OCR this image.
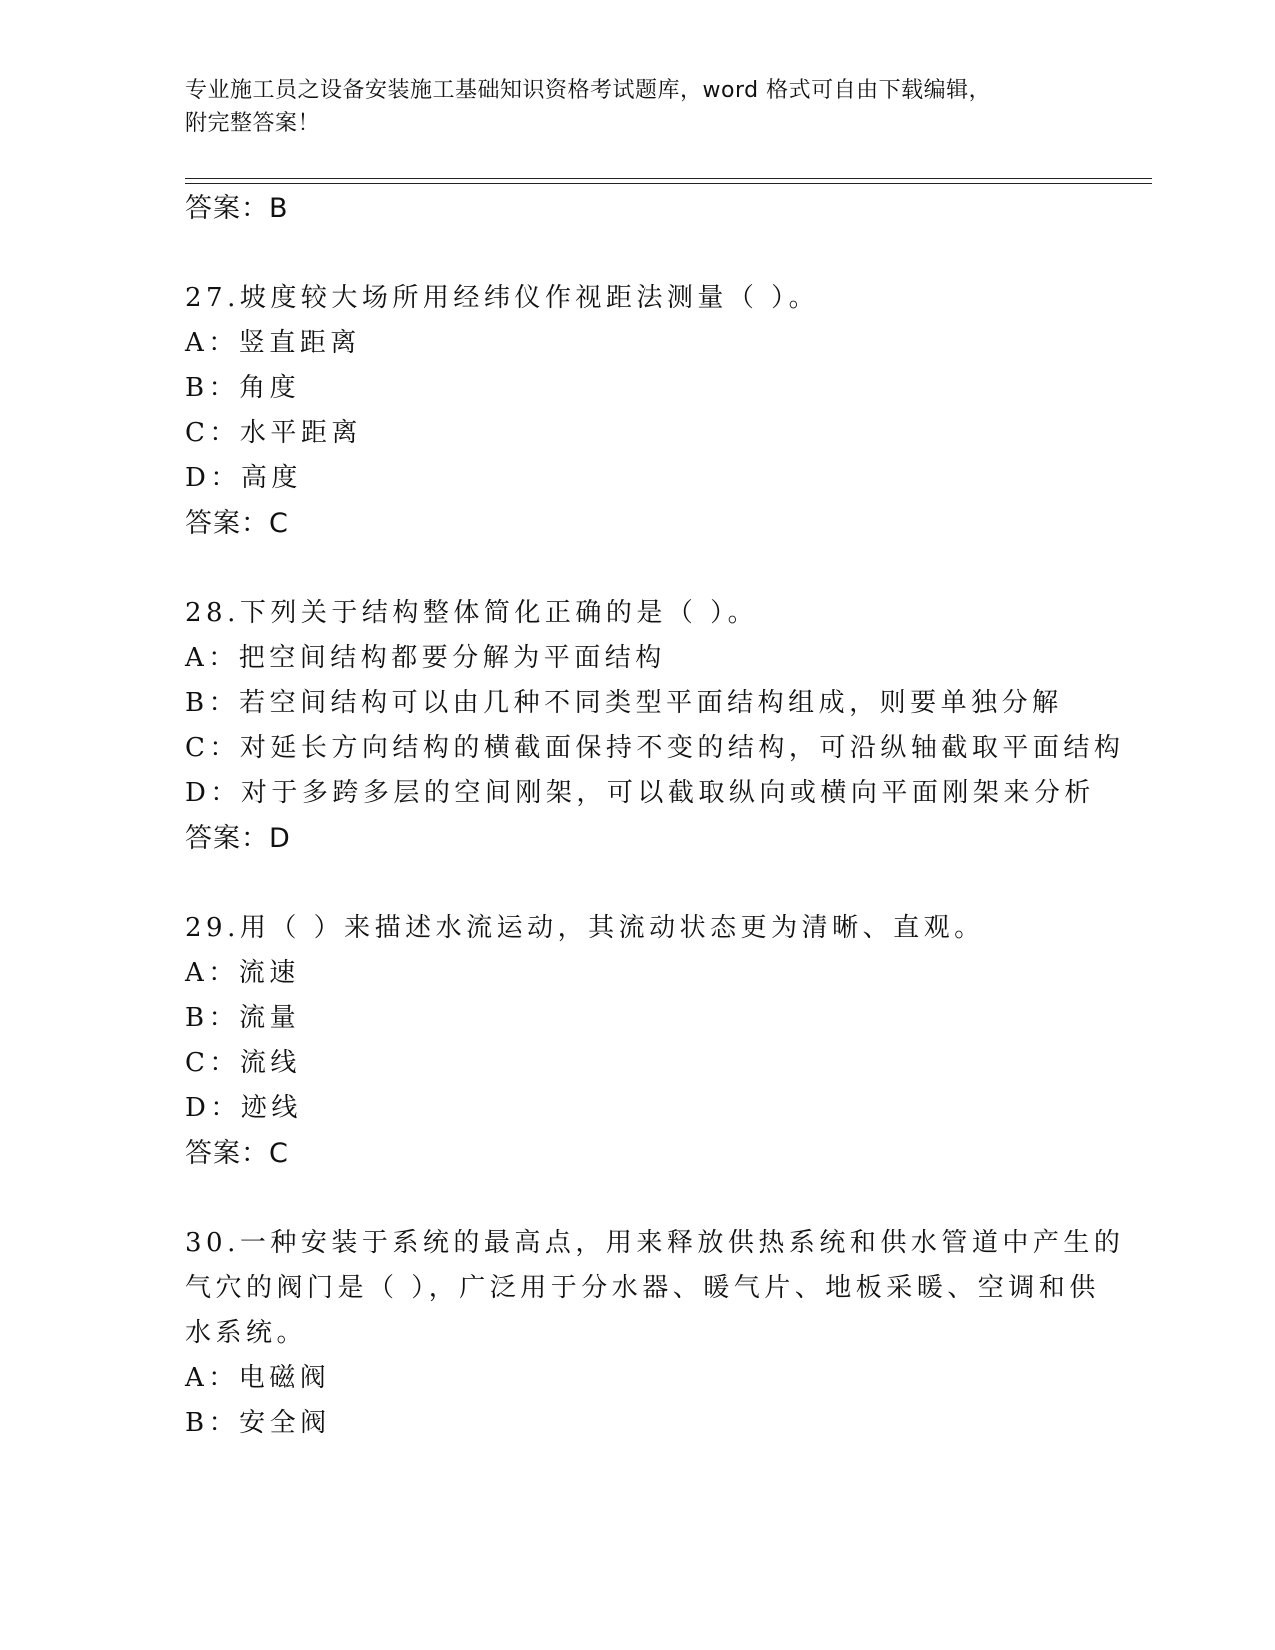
专业施工员之设备安装施工基础知识资格考试题库，word 格式可自由下载编辑，
附完整答案！
答案：B
27.坡度较大场所用经纬仪作视距法测量（ ）。
A：竖直距离
B：角度
C：水平距离
D：高度
答案：C
28.下列关于结构整体简化正确的是（ ）。
A：把空间结构都要分解为平面结构
B：若空间结构可以由几种不同类型平面结构组成，则要单独分解
C：对延长方向结构的横截面保持不变的结构，可沿纵轴截取平面结构
D：对于多跨多层的空间刚架，可以截取纵向或横向平面刚架来分析
答案：D
29.用（ ）来描述水流运动，其流动状态更为清晰、直观。
A：流速
B：流量
C：流线
D：迹线
答案：C
30.一种安装于系统的最高点，用来释放供热系统和供水管道中产生的
气穴的阀门是（ ），广泛用于分水器、暖气片、地板采暖、空调和供
水系统。
A：电磁阀
B：安全阀
